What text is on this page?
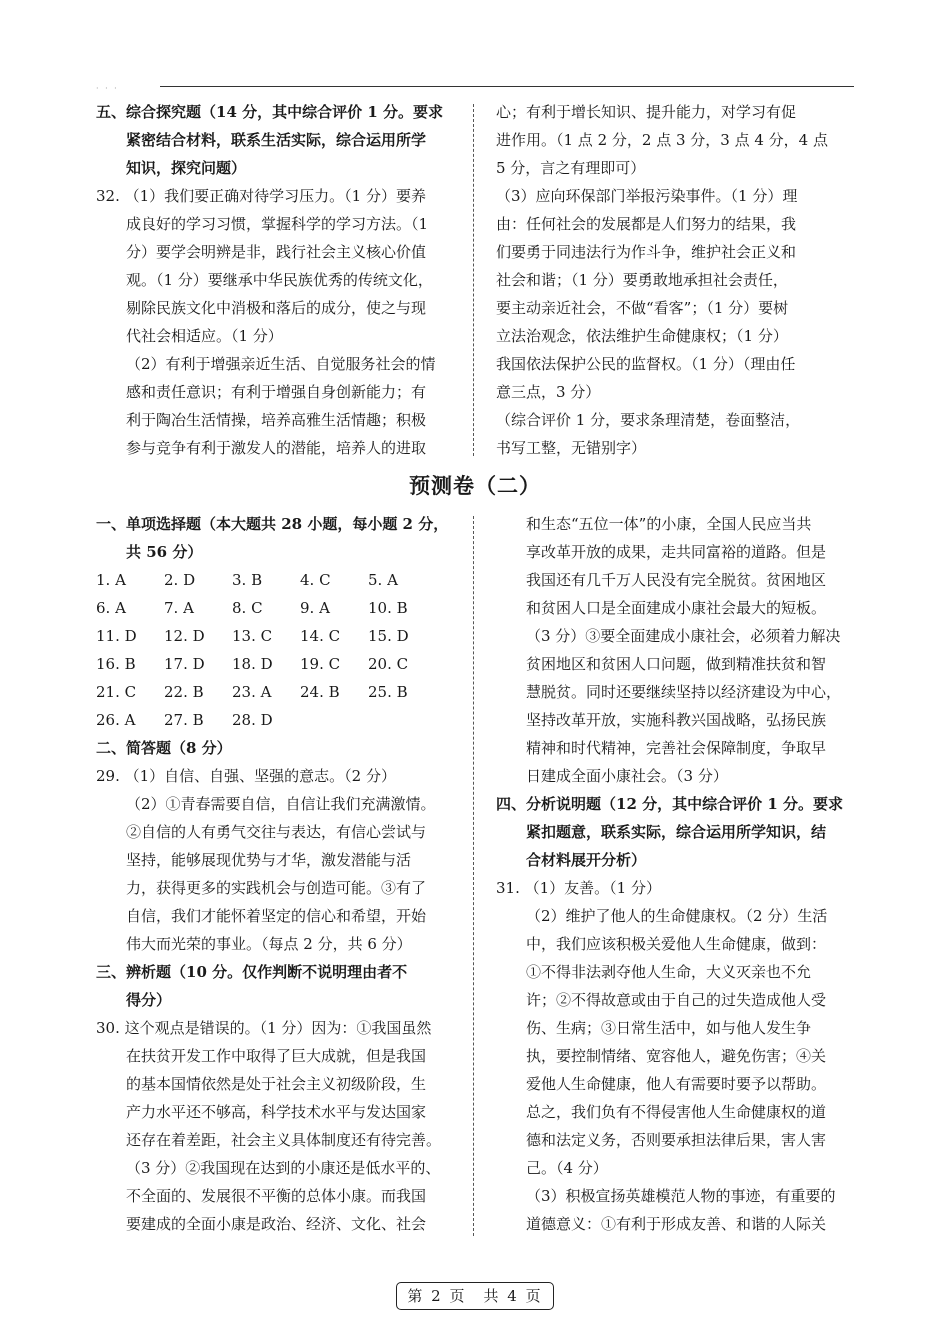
· · ·
五、综合探究题（14 分，其中综合评价 1 分。要求
紧密结合材料，联系生活实际，综合运用所学
知识，探究问题）
32. （1）我们要正确对待学习压力。（1 分）要养
成良好的学习习惯，掌握科学的学习方法。（1
分）要学会明辨是非，践行社会主义核心价值
观。（1 分）要继承中华民族优秀的传统文化，
剔除民族文化中消极和落后的成分，使之与现
代社会相适应。（1 分）
（2）有利于增强亲近生活、自觉服务社会的情
感和责任意识；有利于增强自身创新能力；有
利于陶冶生活情操，培养高雅生活情趣；积极
参与竞争有利于激发人的潜能，培养人的进取
心；有利于增长知识、提升能力，对学习有促
进作用。（1 点 2 分，2 点 3 分，3 点 4 分，4 点
5 分，言之有理即可）
（3）应向环保部门举报污染事件。（1 分）理
由：任何社会的发展都是人们努力的结果，我
们要勇于同违法行为作斗争，维护社会正义和
社会和谐；（1 分）要勇敢地承担社会责任，
要主动亲近社会，不做“看客”；（1 分）要树
立法治观念，依法维护生命健康权；（1 分）
我国依法保护公民的监督权。（1 分）（理由任
意三点，3 分）
（综合评价 1 分，要求条理清楚，卷面整洁，
书写工整，无错别字）
预测卷（二）
一、单项选择题（本大题共 28 小题，每小题 2 分，
共 56 分）
1. A	2. D	3. B	4. C	5. A
6. A	7. A	8. C	9. A	10. B
11. D	12. D	13. C	14. C	15. D
16. B	17. D	18. D	19. C	20. C
21. C	22. B	23. A	24. B	25. B
26. A	27. B	28. D
二、简答题（8 分）
29. （1）自信、自强、坚强的意志。（2 分）
（2）①青春需要自信，自信让我们充满激情。
②自信的人有勇气交往与表达，有信心尝试与
坚持，能够展现优势与才华，激发潜能与活
力，获得更多的实践机会与创造可能。③有了
自信，我们才能怀着坚定的信心和希望，开始
伟大而光荣的事业。（每点 2 分，共 6 分）
三、辨析题（10 分。仅作判断不说明理由者不
得分）
30. 这个观点是错误的。（1 分）因为：①我国虽然
在扶贫开发工作中取得了巨大成就，但是我国
的基本国情依然是处于社会主义初级阶段，生
产力水平还不够高，科学技术水平与发达国家
还存在着差距，社会主义具体制度还有待完善。
（3 分）②我国现在达到的小康还是低水平的、
不全面的、发展很不平衡的总体小康。而我国
要建成的全面小康是政治、经济、文化、社会
和生态“五位一体”的小康，全国人民应当共
享改革开放的成果，走共同富裕的道路。但是
我国还有几千万人民没有完全脱贫。贫困地区
和贫困人口是全面建成小康社会最大的短板。
（3 分）③要全面建成小康社会，必须着力解决
贫困地区和贫困人口问题，做到精准扶贫和智
慧脱贫。同时还要继续坚持以经济建设为中心，
坚持改革开放，实施科教兴国战略，弘扬民族
精神和时代精神，完善社会保障制度，争取早
日建成全面小康社会。（3 分）
四、分析说明题（12 分，其中综合评价 1 分。要求
紧扣题意，联系实际，综合运用所学知识，结
合材料展开分析）
31. （1）友善。（1 分）
（2）维护了他人的生命健康权。（2 分）生活
中，我们应该积极关爱他人生命健康，做到：
①不得非法剥夺他人生命，大义灭亲也不允
许；②不得故意或由于自己的过失造成他人受
伤、生病；③日常生活中，如与他人发生争
执，要控制情绪、宽容他人，避免伤害；④关
爱他人生命健康，他人有需要时要予以帮助。
总之，我们负有不得侵害他人生命健康权的道
德和法定义务，否则要承担法律后果，害人害
己。（4 分）
（3）积极宣扬英雄模范人物的事迹，有重要的
道德意义：①有利于形成友善、和谐的人际关
第 2 页　共 4 页
